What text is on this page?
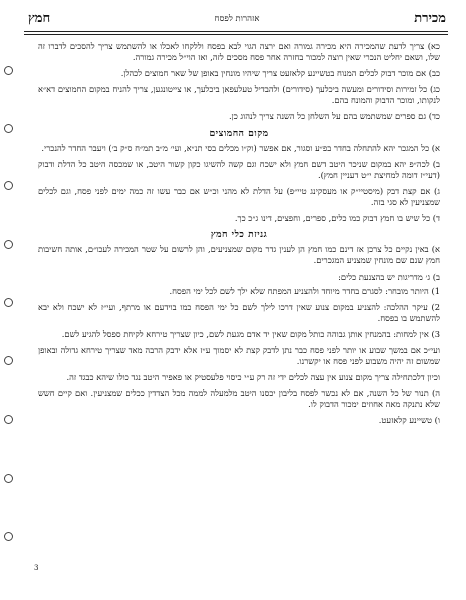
מכירת
אזהרות לפסח
חמץ

כא) צריך לדעת שהמכירה היא מכירה גמורה ואם ירצה הגוי לבא בפסח וללקחו לאכלו או להשתמש צריך להסכים לדברו זה שלו, ושאם יחליט הנכרי שאין רוצה למכור בחזרה אחר פסח מסכים לזה, ואז הוי״ל מכירה גמורה.

כב) אם מוכר דבוק לכלים המנוח בטשיינע קלאזעט צריך שיהיו מונחין באופן של שאר חמוצים לכהלן.

כג) כל זמירות וסידורים ומעשה ביכלעך (סידורים) ולהבדיל טעלעפאן ביכלעך, או צייטונגען, צריך להניח במקום החמוצים דא״א לנקותו, ומוכר הדבוק והמונח בהם.

כד) גם ספרים שמשתמש בהם על השלחן כל השנה צריך לנהוג כן.

מקום החמוצים

א) כל המגכר יהא להתחלה בחדר בפ״ע וסגור, אם אפשר (וק״ו מכלים בסי תנ״א, ועי׳ מ״ב תמ״ח ס״ק ב׳) ויעבר החדר להנכרי.

ב) לכה״פ יהא במקום שניכר היטב דשם חמץ ולא ישכח וגם קשה להשיגו כקון קשור היטב, או שמכסה היטב כל הדלת ודבוק (דעי״ז דומה למחיצת י״ט דעניין חמץ).

ג) אם קצת דבק (מיסטיי״ק או מעסקינג טיי״פ) על הדלת לא מהני וכ״ש אם כבר עשו זה כמה ימים לפני פסח, וגם לכלים שמצניעין לא סגי בזה.

ד) כל שיש בו חמץ דבוק כמו כלים, ספרים, וחפצים, דינו ג״כ כך.

גניזת כלי חמץ

א) באין נקיים כל צרכן אז דינם כמו חמץ הן לענין גדר מקום שמצניעים, והן לרשום על שטר המכירה לעכו״ם, אותה חשיבות חמץ שנם שם מונחין שמצניע המגכרים.

ב) ג׳ מדריגות יש בהצנעת כלים:

1) היותר מובחר: לסגרם בחדר מיוחד ולהצניע המפתח שלא ילך לשם לכל ימי הפסח.

2) עיקר ההלכה: להצניע במקום צנוע שאין דרכו לילך לשם כל ימי הפסח כמו בוידעם או מרתף, ועי״ז לא ישכח ולא יבא להשתמש בו בפסח.

3) אין למחות: בהמנחין אותן גבוהה כותל מקום שאין יד אדם מגעת לשם, כיון שצריך טירחא לקיחת ספסל להגיע לשם.

ועי״כ אם במשך שבוע או יותר לפני פסח כבר נתן לדבק קצת לא יסמוך ע״ז אלא ידבק הרבה מאד שצריך טירחא גדולה ובאופן שמשום זה יהיה משבוע לפני פסח או יקשרנו.

וכיון דלכתחילה צריך מקום צנוע אין עצה לכלים ידי זה רק ע״י כיסוי פלעסטיק או פאפיר היטב נגד כולו שיהא כבגד זה.

ה) תנור של כל השנה, אם לא נכשר לפסח בליבון יכסנו היטב מלמעלה לממה מכל הצדדין ככלים שמצניעין. ואם קיים חשש שלא נתנקה מאה אחוזים ימכור הדבוק לו.

ו) טשיינע קלאזעט.

3
